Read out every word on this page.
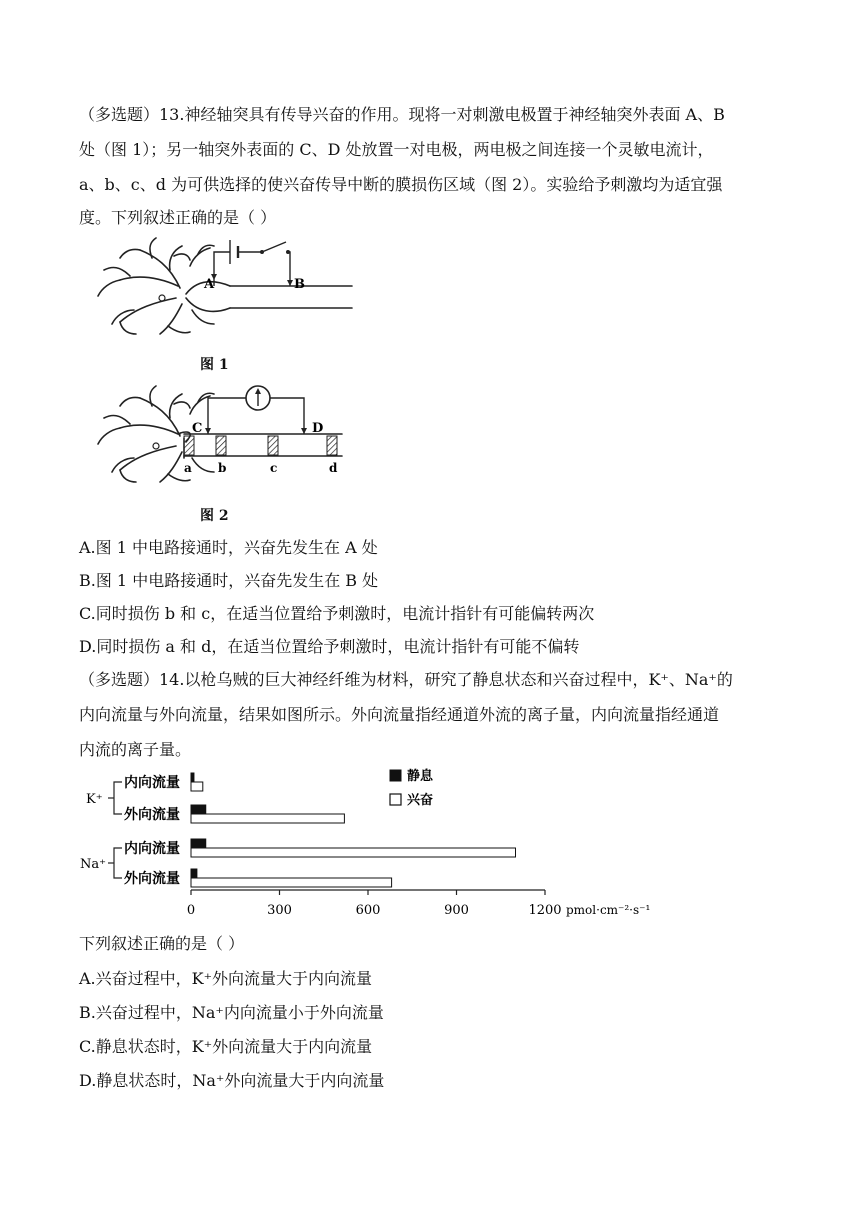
（多选题）13.神经轴突具有传导兴奋的作用。现将一对刺激电极置于神经轴突外表面 A、B
处（图 1）；另一轴突外表面的 C、D 处放置一对电极，两电极之间连接一个灵敏电流计，
a、b、c、d 为可供选择的使兴奋传导中断的膜损伤区域（图 2）。实验给予刺激均为适宜强
度。下列叙述正确的是（ ）
A	B
图 1
C	D
a b	c	d
图 2
A.图 1 中电路接通时，兴奋先发生在 A 处
B.图 1 中电路接通时，兴奋先发生在 B 处
C.同时损伤 b 和 c，在适当位置给予刺激时，电流计指针有可能偏转两次
D.同时损伤 a 和 d，在适当位置给予刺激时，电流计指针有可能不偏转
（多选题）14.以枪乌贼的巨大神经纤维为材料，研究了静息状态和兴奋过程中，K⁺、Na⁺的
内向流量与外向流量，结果如图所示。外向流量指经通道外流的离子量，内向流量指经通道
内流的离子量。
K⁺
Na⁺
内向流量
外向流量
内向流量
外向流量
0	300	600	900	1200 pmol·cm⁻²·s⁻¹
静息
兴奋
下列叙述正确的是（ ）
A.兴奋过程中，K⁺外向流量大于内向流量
B.兴奋过程中，Na⁺内向流量小于外向流量
C.静息状态时，K⁺外向流量大于内向流量
D.静息状态时，Na⁺外向流量大于内向流量
